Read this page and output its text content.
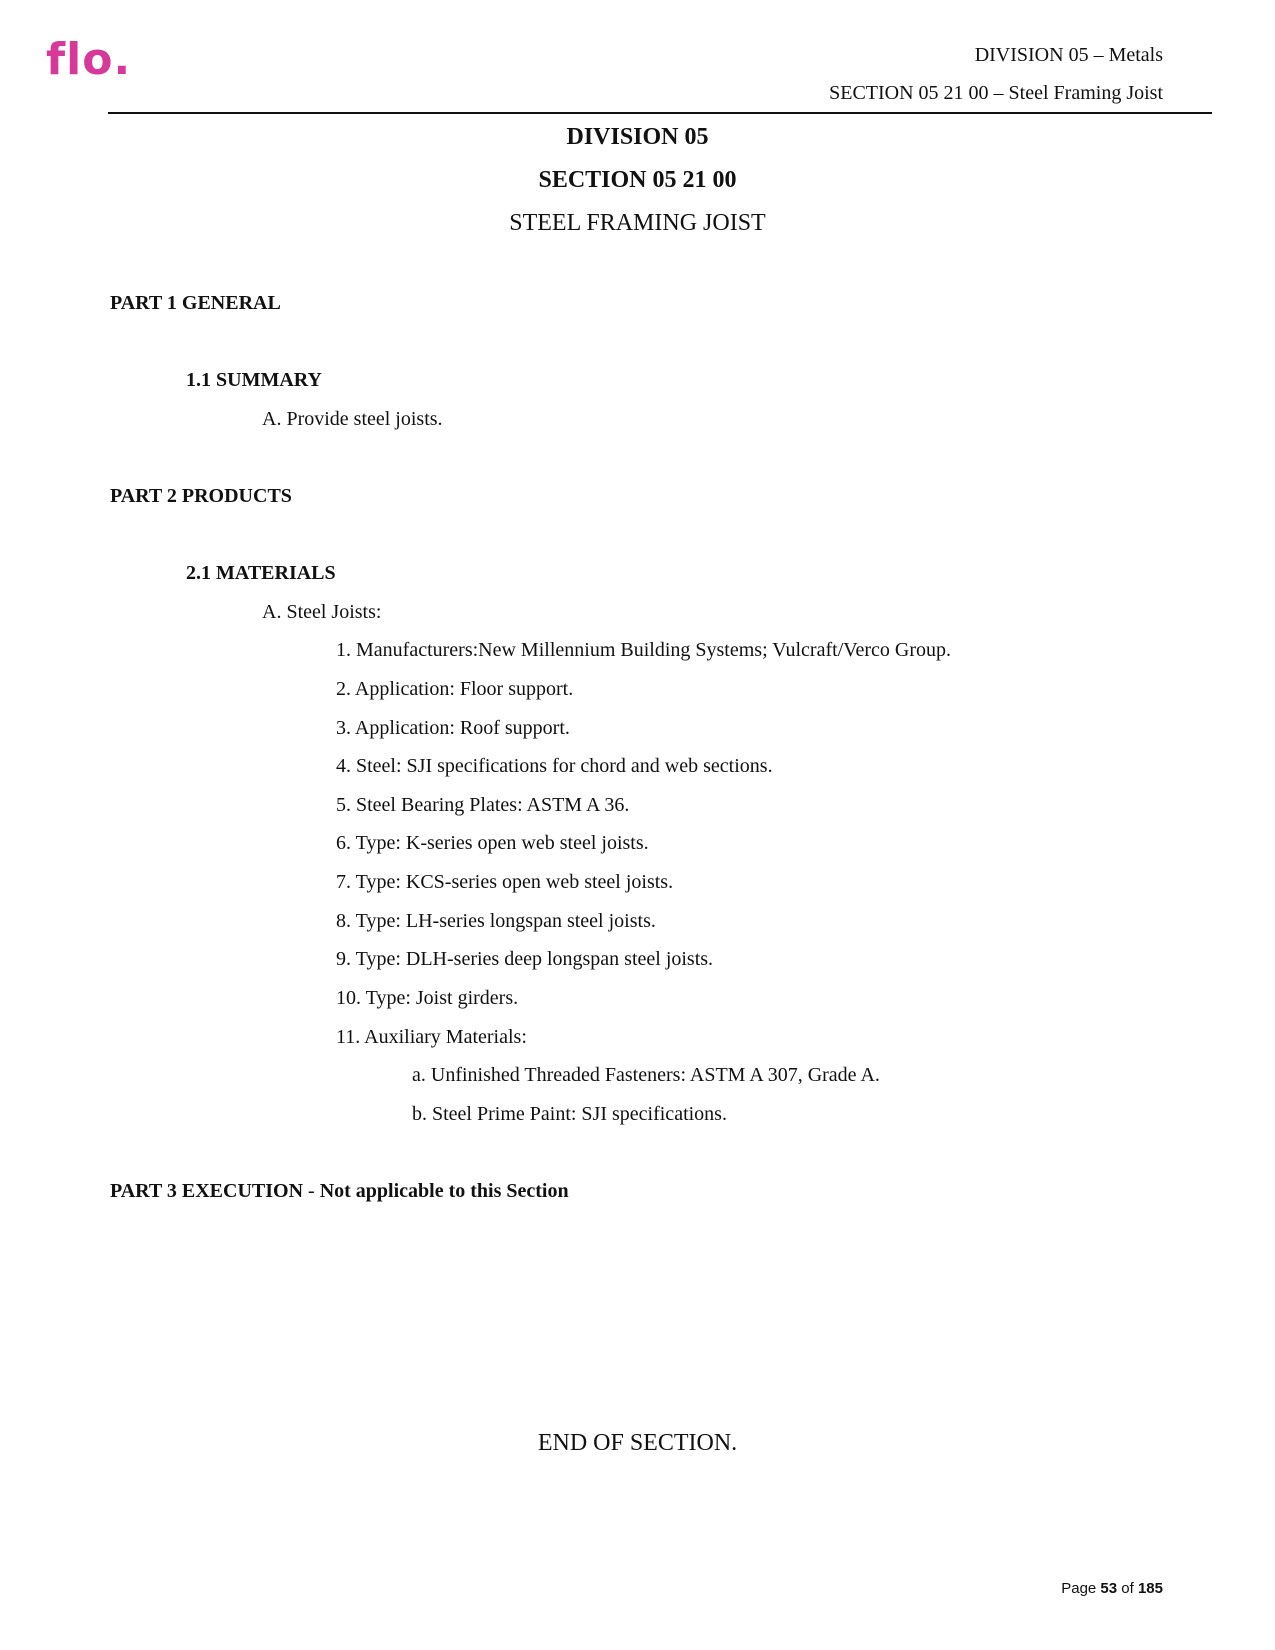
flo.	DIVISION 05 – Metals
SECTION 05 21 00 – Steel Framing Joist
DIVISION 05
SECTION 05 21 00
STEEL FRAMING JOIST
PART 1 GENERAL
1.1 SUMMARY
A. Provide steel joists.
PART 2 PRODUCTS
2.1 MATERIALS
A. Steel Joists:
1. Manufacturers:New Millennium Building Systems; Vulcraft/Verco Group.
2. Application: Floor support.
3. Application: Roof support.
4. Steel: SJI specifications for chord and web sections.
5. Steel Bearing Plates: ASTM A 36.
6. Type: K-series open web steel joists.
7. Type: KCS-series open web steel joists.
8. Type: LH-series longspan steel joists.
9. Type: DLH-series deep longspan steel joists.
10. Type: Joist girders.
11. Auxiliary Materials:
a. Unfinished Threaded Fasteners: ASTM A 307, Grade A.
b. Steel Prime Paint: SJI specifications.
PART 3 EXECUTION - Not applicable to this Section
END OF SECTION.
Page 53 of 185
